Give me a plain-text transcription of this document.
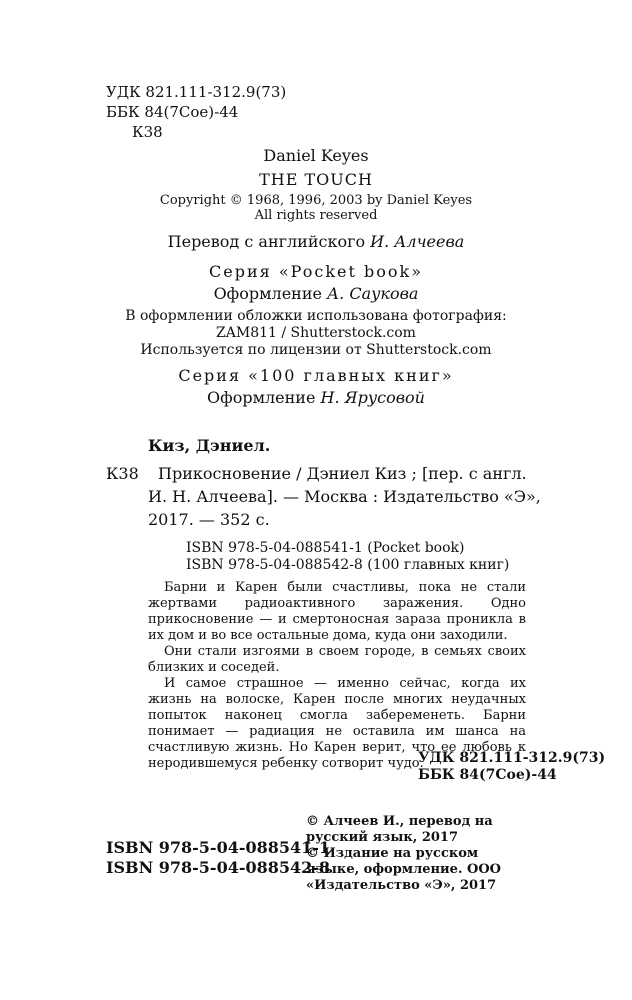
УДК 821.111-312.9(73)
ББК 84(7Сое)-44
К38
Daniel Keyes
THE TOUCH
Copyright © 1968, 1996, 2003 by Daniel Keyes
All rights reserved
Перевод с английского И. Алчеева
Серия «Pocket book»
Оформление А. Саукова
В оформлении обложки использована фотография:
ZAM811 / Shutterstock.com
Используется по лицензии от Shutterstock.com
Серия «100 главных книг»
Оформление Н. Ярусовой
Киз, Дэниел.
К38 Прикосновение / Дэниел Киз ; [пер. с англ.
И. Н. Алчеева]. — Москва : Издательство «Э»,
2017. — 352 с.
ISBN 978-5-04-088541-1 (Pocket book)
ISBN 978-5-04-088542-8 (100 главных книг)
Барни и Карен были счастливы, пока не стали жертвами радиоактивного заражения. Одно прикосновение — и смертоносная зараза проникла в их дом и во все остальные дома, куда они заходили.
Они стали изгоями в своем городе, в семьях своих близких и соседей.
И самое страшное — именно сейчас, когда их жизнь на волоске, Карен после многих неудачных попыток наконец смогла забеременеть. Барни понимает — радиация не оставила им шанса на счастливую жизнь. Но Карен верит, что ее любовь к неродившемуся ребенку сотворит чудо.
УДК 821.111-312.9(73)
ББК 84(7Сое)-44
ISBN 978-5-04-088541-1
ISBN 978-5-04-088542-8
© Алчеев И., перевод на русский язык, 2017
© Издание на русском языке, оформление. ООО «Издательство «Э», 2017
